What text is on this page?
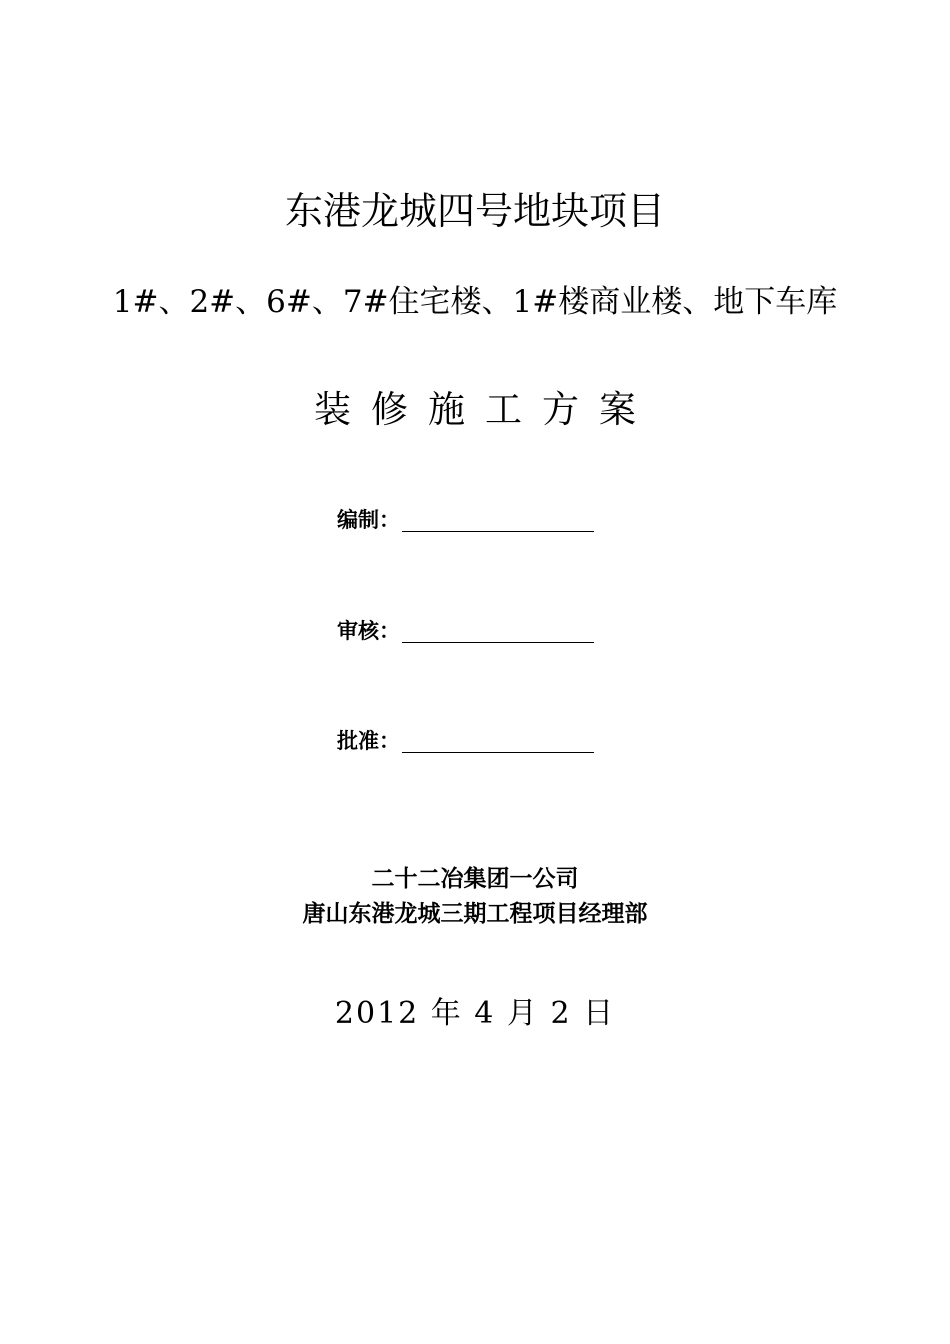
东港龙城四号地块项目
1#、2#、6#、7#住宅楼、1#楼商业楼、地下车库
装修施工方案
编制：
审核：
批准：
二十二冶集团一公司
唐山东港龙城三期工程项目经理部
2012 年 4 月 2 日
